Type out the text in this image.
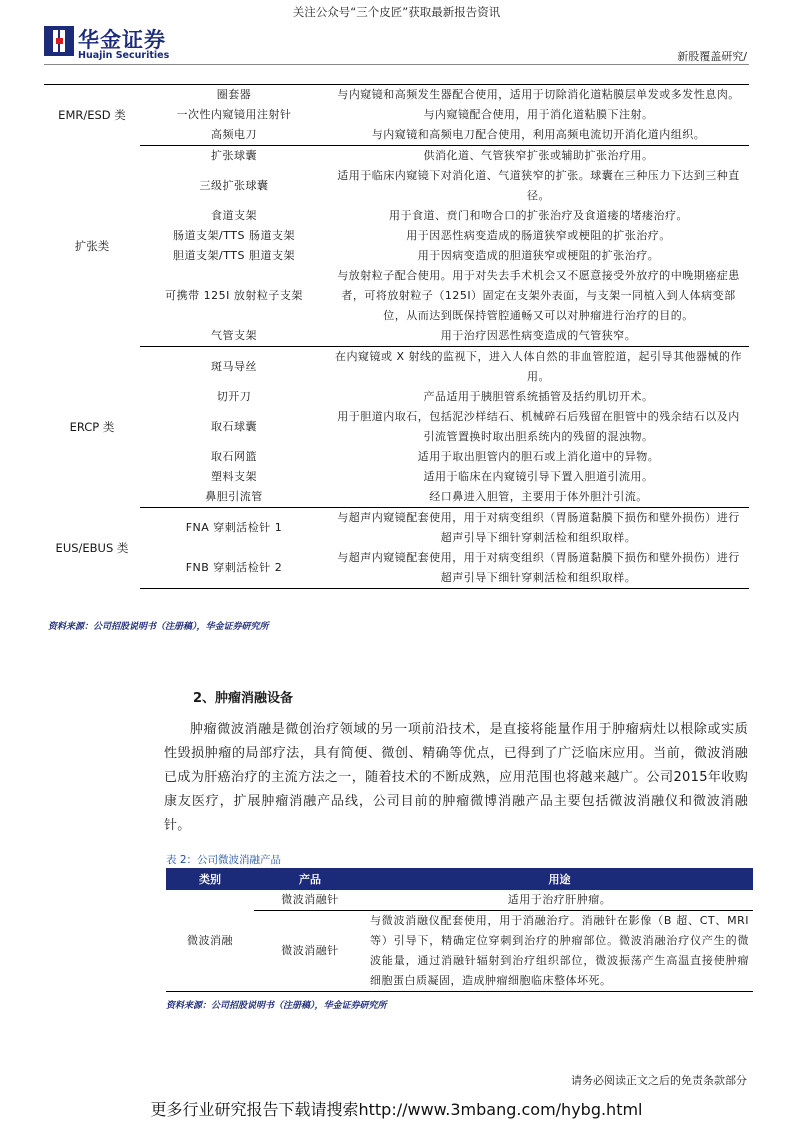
关注公众号“三个皮匠”获取最新报告资讯
华金证券
Huajin Securities	新股覆盖研究/
EMR/ESD 类	圈套器	与内窥镜和高频发生器配合使用，适用于切除消化道粘膜层单发或多发性息肉。
	一次性内窥镜用注射针	与内窥镜配合使用，用于消化道粘膜下注射。
	高频电刀	与内窥镜和高频电刀配合使用，利用高频电流切开消化道内组织。
扩张类	扩张球囊	供消化道、气管狭窄扩张或辅助扩张治疗用。
	三级扩张球囊	适用于临床内窥镜下对消化道、气道狭窄的扩张。球囊在三种压力下达到三种直径。
	食道支架	用于食道、贲门和吻合口的扩张治疗及食道瘘的堵瘘治疗。
	肠道支架/TTS 肠道支架	用于因恶性病变造成的肠道狭窄或梗阻的扩张治疗。
	胆道支架/TTS 胆道支架	用于因病变造成的胆道狭窄或梗阻的扩张治疗。
	可携带 125I 放射粒子支架	与放射粒子配合使用。用于对失去手术机会又不愿意接受外放疗的中晚期癌症患者，可将放射粒子（125I）固定在支架外表面，与支架一同植入到人体病变部位，从而达到既保持管腔通畅又可以对肿瘤进行治疗的目的。
	气管支架	用于治疗因恶性病变造成的气管狭窄。
ERCP 类	斑马导丝	在内窥镜或 X 射线的监视下，进入人体自然的非血管腔道，起引导其他器械的作用。
	切开刀	产品适用于胰胆管系统插管及括约肌切开术。
	取石球囊	用于胆道内取石，包括泥沙样结石、机械碎石后残留在胆管中的残余结石以及内引流管置换时取出胆系统内的残留的混浊物。
	取石网篮	适用于取出胆管内的胆石或上消化道中的异物。
	塑料支架	适用于临床在内窥镜引导下置入胆道引流用。
	鼻胆引流管	经口鼻进入胆管，主要用于体外胆汁引流。
EUS/EBUS 类	FNA 穿刺活检针 1	与超声内窥镜配套使用，用于对病变组织（胃肠道黏膜下损伤和壁外损伤）进行超声引导下细针穿刺活检和组织取样。
	FNB 穿刺活检针 2	与超声内窥镜配套使用，用于对病变组织（胃肠道黏膜下损伤和壁外损伤）进行超声引导下细针穿刺活检和组织取样。
资料来源：公司招股说明书（注册稿），华金证券研究所
2、肿瘤消融设备
肿瘤微波消融是微创治疗领域的另一项前沿技术，是直接将能量作用于肿瘤病灶以根除或实质性毁损肿瘤的局部疗法，具有简便、微创、精确等优点，已得到了广泛临床应用。当前，微波消融已成为肝癌治疗的主流方法之一，随着技术的不断成熟，应用范围也将越来越广。公司2015年收购康友医疗，扩展肿瘤消融产品线，公司目前的肿瘤微博消融产品主要包括微波消融仪和微波消融针。
表 2：公司微波消融产品
类别	产品	用途
微波消融	微波消融针	适用于治疗肝肿瘤。
	微波消融针	与微波消融仪配套使用，用于消融治疗。消融针在影像（B 超、CT、MRI 等）引导下，精确定位穿刺到治疗的肿瘤部位。微波消融治疗仪产生的微波能量，通过消融针辐射到治疗组织部位，微波振荡产生高温直接使肿瘤细胞蛋白质凝固，造成肿瘤细胞临床整体坏死。
资料来源：公司招股说明书（注册稿），华金证券研究所
请务必阅读正文之后的免责条款部分
更多行业研究报告下载请搜索http://www.3mbang.com/hybg.html
